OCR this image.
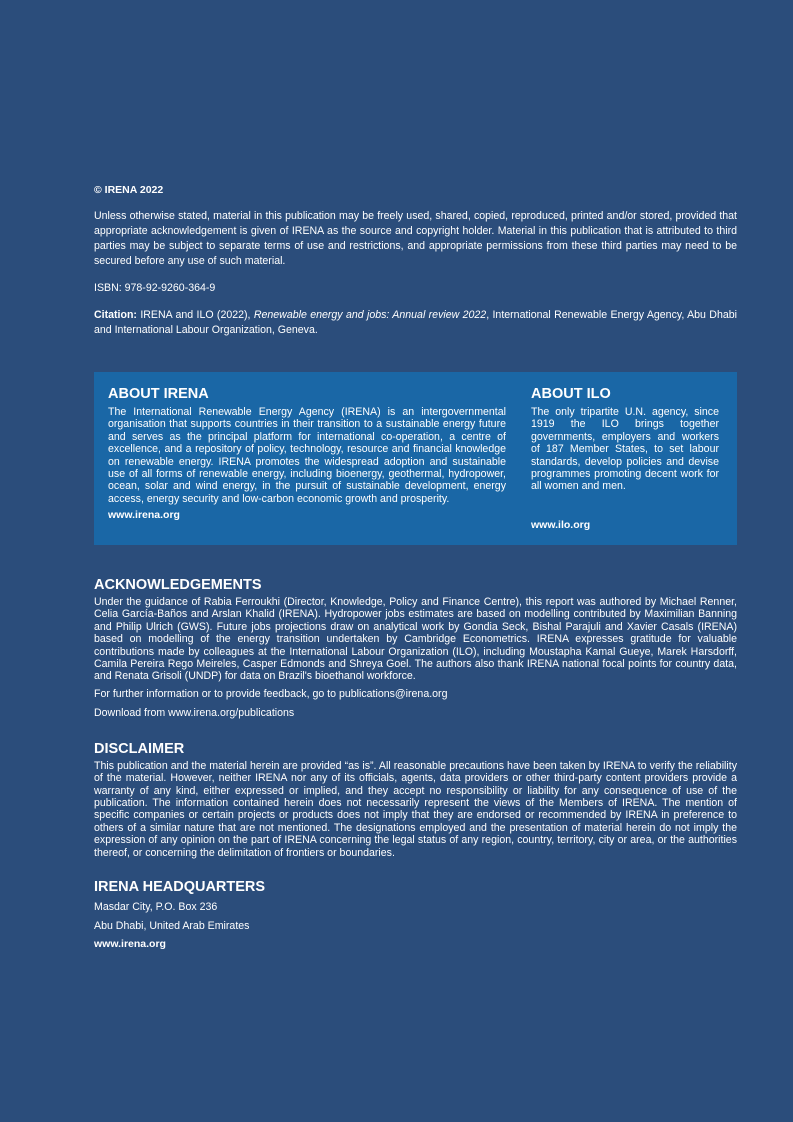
© IRENA 2022

Unless otherwise stated, material in this publication may be freely used, shared, copied, reproduced, printed and/or stored, provided that appropriate acknowledgement is given of IRENA as the source and copyright holder. Material in this publication that is attributed to third parties may be subject to separate terms of use and restrictions, and appropriate permissions from these third parties may need to be secured before any use of such material.

ISBN: 978-92-9260-364-9

Citation: IRENA and ILO (2022), Renewable energy and jobs: Annual review 2022, International Renewable Energy Agency, Abu Dhabi and International Labour Organization, Geneva.

ABOUT IRENA

The International Renewable Energy Agency (IRENA) is an intergovernmental organisation that supports countries in their transition to a sustainable energy future and serves as the principal platform for international co-operation, a centre of excellence, and a repository of policy, technology, resource and financial knowledge on renewable energy. IRENA promotes the widespread adoption and sustainable use of all forms of renewable energy, including bioenergy, geothermal, hydropower, ocean, solar and wind energy, in the pursuit of sustainable development, energy access, energy security and low-carbon economic growth and prosperity.

www.irena.org
ABOUT ILO

The only tripartite U.N. agency, since 1919 the ILO brings together governments, employers and workers of 187 Member States, to set labour standards, develop policies and devise programmes promoting decent work for all women and men.

www.ilo.org
ACKNOWLEDGEMENTS

Under the guidance of Rabia Ferroukhi (Director, Knowledge, Policy and Finance Centre), this report was authored by Michael Renner, Celia García-Baños and Arslan Khalid (IRENA). Hydropower jobs estimates are based on modelling contributed by Maximilian Banning and Philip Ulrich (GWS). Future jobs projections draw on analytical work by Gondia Seck, Bishal Parajuli and Xavier Casals (IRENA) based on modelling of the energy transition undertaken by Cambridge Econometrics. IRENA expresses gratitude for valuable contributions made by colleagues at the International Labour Organization (ILO), including Moustapha Kamal Gueye, Marek Harsdorff, Camila Pereira Rego Meireles, Casper Edmonds and Shreya Goel. The authors also thank IRENA national focal points for country data, and Renata Grisoli (UNDP) for data on Brazil's bioethanol workforce.

For further information or to provide feedback, go to publications@irena.org

Download from www.irena.org/publications

DISCLAIMER

This publication and the material herein are provided “as is”. All reasonable precautions have been taken by IRENA to verify the reliability of the material. However, neither IRENA nor any of its officials, agents, data providers or other third-party content providers provide a warranty of any kind, either expressed or implied, and they accept no responsibility or liability for any consequence of use of the publication. The information contained herein does not necessarily represent the views of the Members of IRENA. The mention of specific companies or certain projects or products does not imply that they are endorsed or recommended by IRENA in preference to others of a similar nature that are not mentioned. The designations employed and the presentation of material herein do not imply the expression of any opinion on the part of IRENA concerning the legal status of any region, country, territory, city or area, or the authorities thereof, or concerning the delimitation of frontiers or boundaries.

IRENA HEADQUARTERS

Masdar City, P.O. Box 236

Abu Dhabi, United Arab Emirates

www.irena.org
